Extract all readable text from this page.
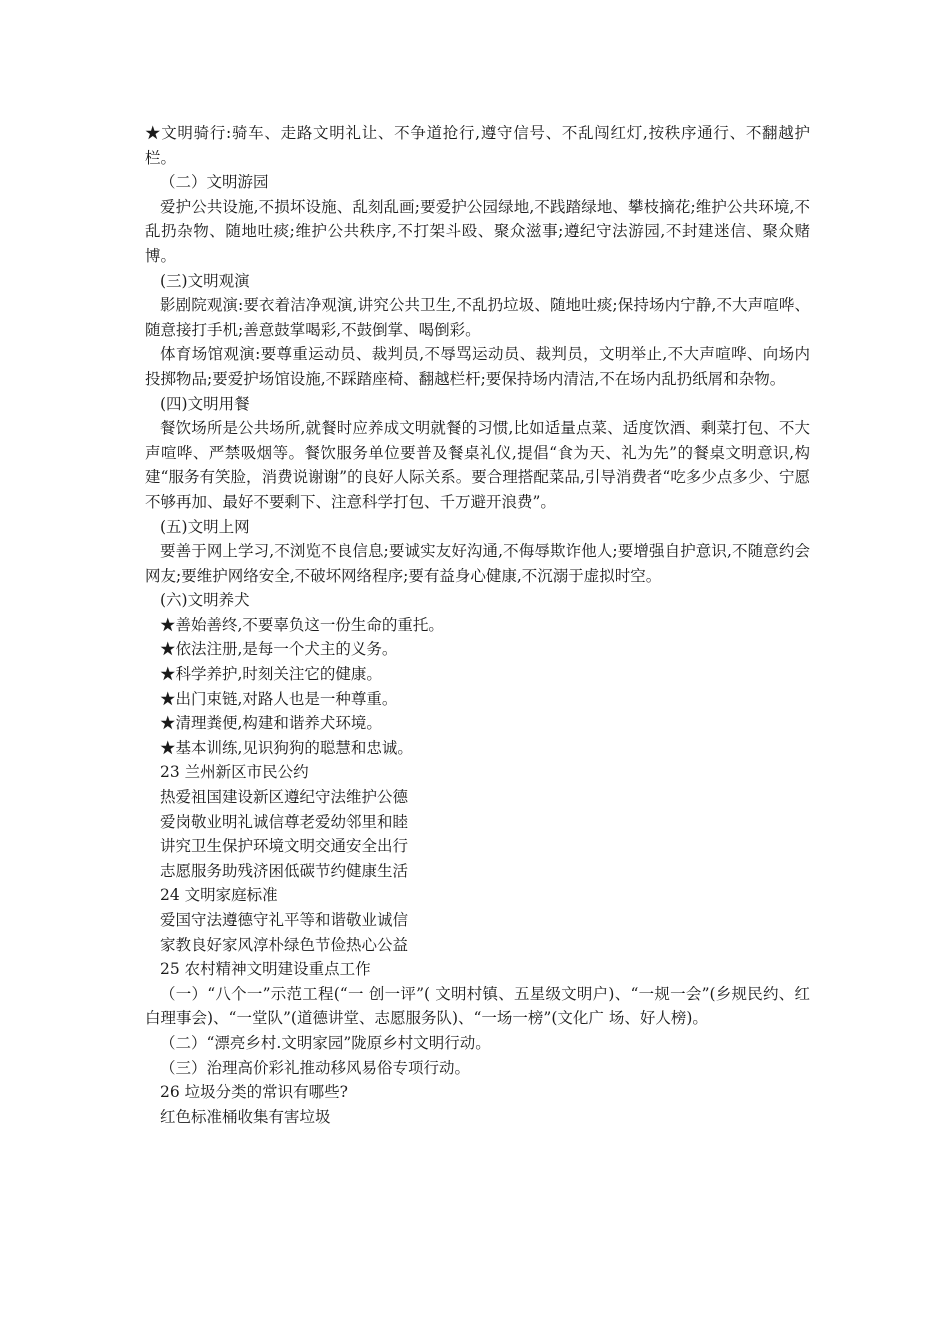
★文明骑行:骑车、走路文明礼让、不争道抢行,遵守信号、不乱闯红灯,按秩序通行、不翻越护栏。

（二）文明游园

爱护公共设施,不损坏设施、乱刻乱画;要爱护公园绿地,不践踏绿地、攀枝摘花;维护公共环境,不乱扔杂物、随地吐痰;维护公共秩序,不打架斗殴、聚众滋事;遵纪守法游园,不封建迷信、聚众赌博。

(三)文明观演

影剧院观演:要衣着洁净观演,讲究公共卫生,不乱扔垃圾、随地吐痰;保持场内宁静,不大声喧哗、随意接打手机;善意鼓掌喝彩,不鼓倒掌、喝倒彩。

体育场馆观演:要尊重运动员、裁判员,不辱骂运动员、裁判员，文明举止,不大声喧哗、向场内投掷物品;要爱护场馆设施,不踩踏座椅、翻越栏杆;要保持场内清洁,不在场内乱扔纸屑和杂物。

(四)文明用餐

餐饮场所是公共场所,就餐时应养成文明就餐的习惯,比如适量点菜、适度饮酒、剩菜打包、不大声喧哗、严禁吸烟等。餐饮服务单位要普及餐桌礼仪,提倡“食为天、礼为先”的餐桌文明意识,构建“服务有笑脸，消费说谢谢”的良好人际关系。要合理搭配菜品,引导消费者“吃多少点多少、宁愿不够再加、最好不要剩下、注意科学打包、千万避开浪费”。

(五)文明上网

要善于网上学习,不浏览不良信息;要诚实友好沟通,不侮辱欺诈他人;要增强自护意识,不随意约会网友;要维护网络安全,不破坏网络程序;要有益身心健康,不沉溺于虚拟时空。

(六)文明养犬

★善始善终,不要辜负这一份生命的重托。

★依法注册,是每一个犬主的义务。

★科学养护,时刻关注它的健康。

★出门束链,对路人也是一种尊重。

★清理粪便,构建和谐养犬环境。

★基本训练,见识狗狗的聪慧和忠诚。

23 兰州新区市民公约

热爱祖国建设新区遵纪守法维护公德

爱岗敬业明礼诚信尊老爱幼邻里和睦

讲究卫生保护环境文明交通安全出行

志愿服务助残济困低碳节约健康生活

24 文明家庭标准

爱国守法遵德守礼平等和谐敬业诚信

家教良好家风淳朴绿色节俭热心公益

25 农村精神文明建设重点工作

（一）“八个一”示范工程(“一 创一评”( 文明村镇、五星级文明户)、“一规一会”(乡规民约、红白理事会)、“一堂队”(道德讲堂、志愿服务队)、“一场一榜”(文化广 场、好人榜)。

（二）“漂亮乡村.文明家园”陇原乡村文明行动。

（三）治理高价彩礼推动移风易俗专项行动。

26 垃圾分类的常识有哪些?

红色标准桶收集有害垃圾
